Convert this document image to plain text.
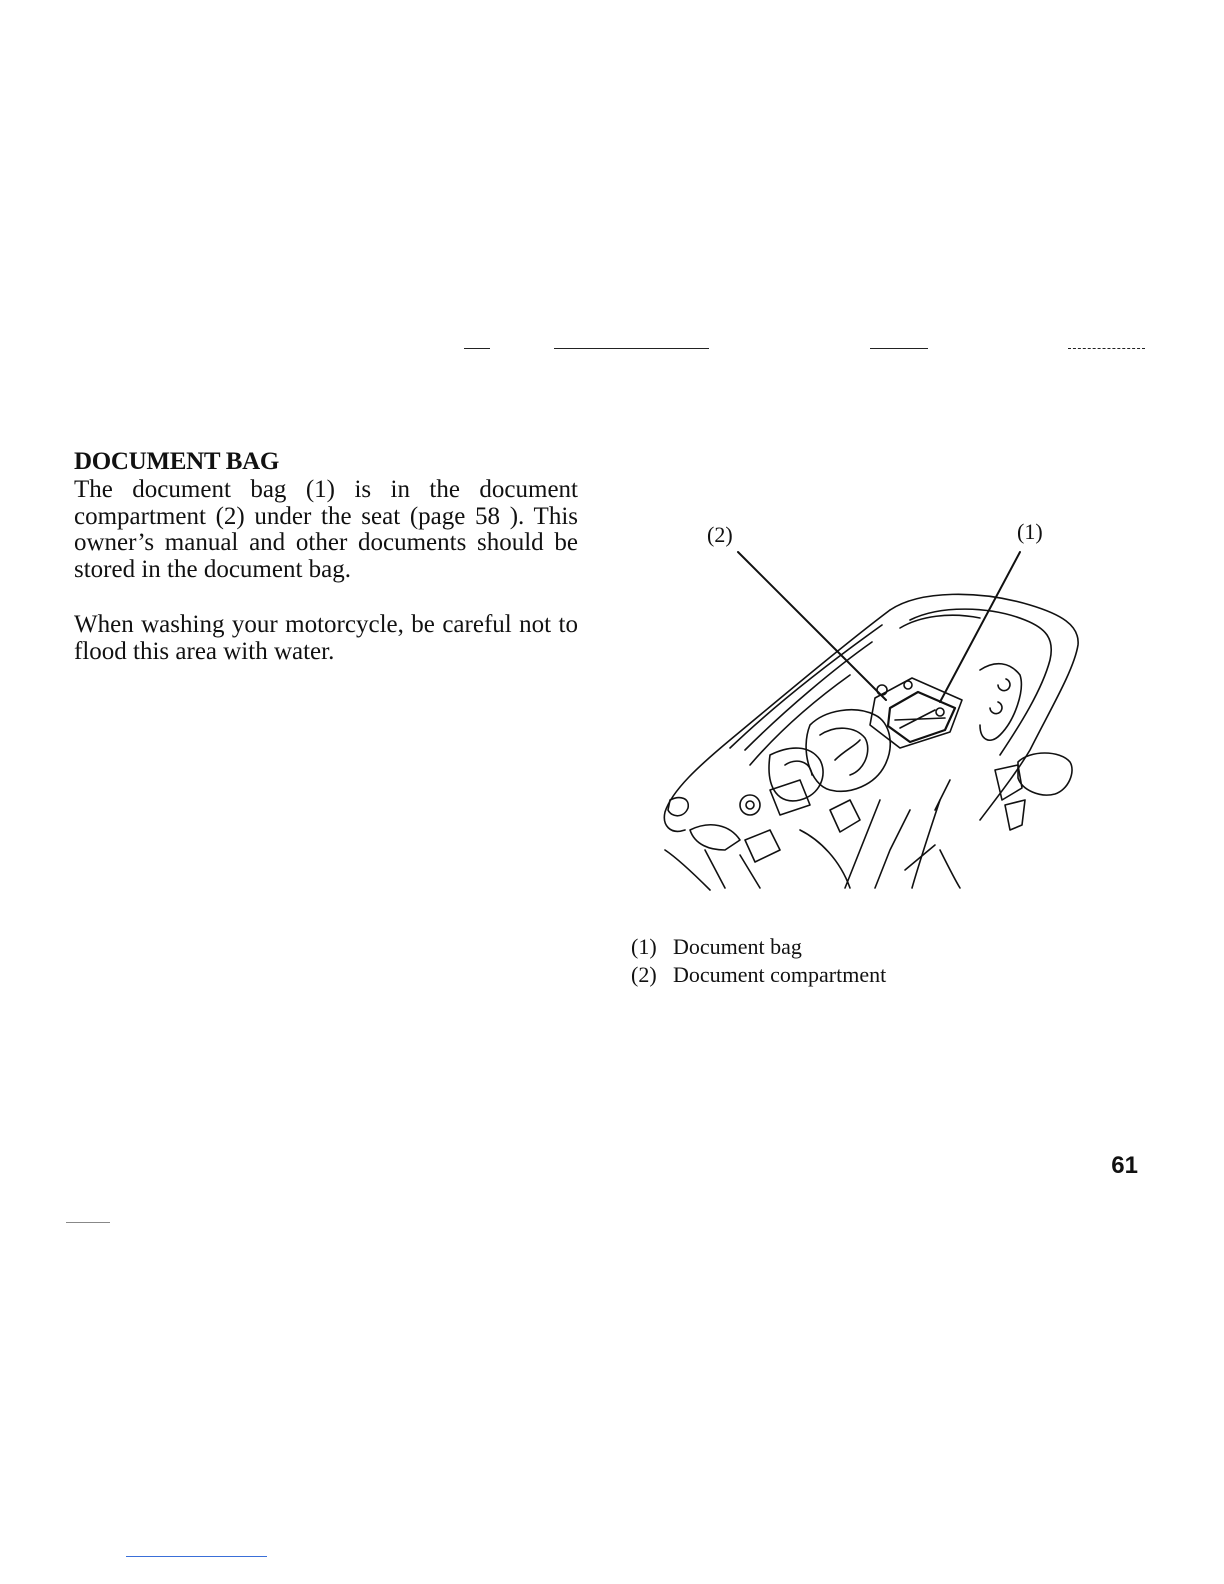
DOCUMENT BAG

The document bag (1) is in the document compartment (2) under the seat (page 58 ). This owner’s manual and other documents should be stored in the document bag.

When washing your motorcycle, be careful not to flood this area with water.

(2)	(1)
(1) Document bag
(2) Document compartment
61
